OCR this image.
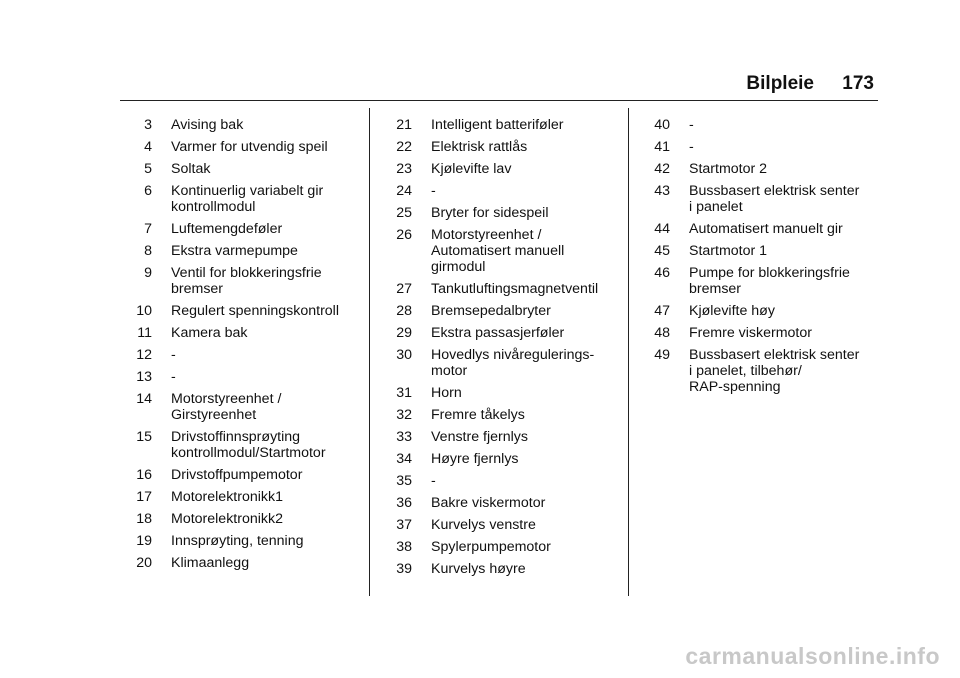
Bilpleie 173
3	Avising bak
4	Varmer for utvendig speil
5	Soltak
6	Kontinuerlig variabelt gir
kontrollmodul
7	Luftemengdeføler
8	Ekstra varmepumpe
9	Ventil for blokkeringsfrie
bremser
10	Regulert spenningskontroll
11	Kamera bak
12	-
13	-
14	Motorstyreenhet /
Girstyreenhet
15	Drivstoffinnsprøyting
kontrollmodul/Startmotor
16	Drivstoffpumpemotor
17	Motorelektronikk1
18	Motorelektronikk2
19	Innsprøyting, tenning
20	Klimaanlegg
21	Intelligent batteriføler
22	Elektrisk rattlås
23	Kjølevifte lav
24	-
25	Bryter for sidespeil
26	Motorstyreenhet /
Automatisert manuell
girmodul
27	Tankutluftingsmagnetventil
28	Bremsepedalbryter
29	Ekstra passasjerføler
30	Hovedlys nivåregulerings-
motor
31	Horn
32	Fremre tåkelys
33	Venstre fjernlys
34	Høyre fjernlys
35	-
36	Bakre viskermotor
37	Kurvelys venstre
38	Spylerpumpemotor
39	Kurvelys høyre
40	-
41	-
42	Startmotor 2
43	Bussbasert elektrisk senter
i panelet
44	Automatisert manuelt gir
45	Startmotor 1
46	Pumpe for blokkeringsfrie
bremser
47	Kjølevifte høy
48	Fremre viskermotor
49	Bussbasert elektrisk senter
i panelet, tilbehør/
RAP-spenning
carmanualsonline.info
